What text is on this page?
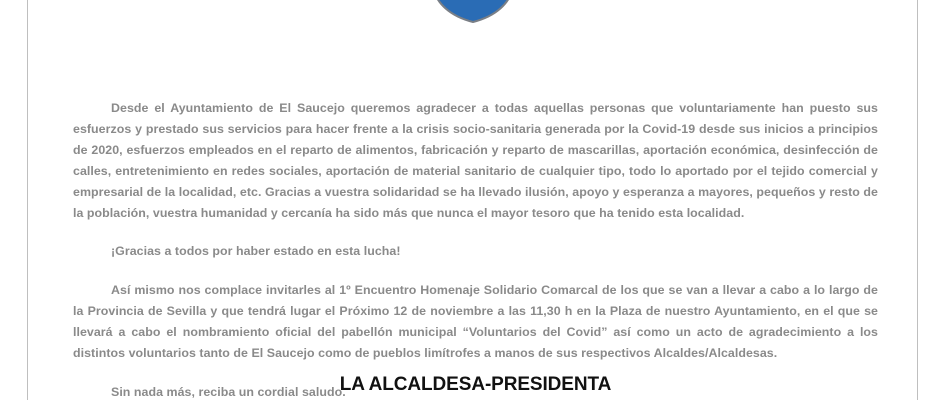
Desde el Ayuntamiento de El Saucejo queremos agradecer a todas aquellas personas que voluntariamente han puesto sus esfuerzos y prestado sus servicios para hacer frente a la crisis socio-sanitaria generada por la Covid-19 desde sus inicios a principios de 2020, esfuerzos empleados en el reparto de alimentos, fabricación y reparto de mascarillas, aportación económica, desinfección de calles, entretenimiento en redes sociales, aportación de material sanitario de cualquier tipo, todo lo aportado por el tejido comercial y empresarial de la localidad, etc. Gracias a vuestra solidaridad se ha llevado ilusión, apoyo y esperanza a mayores, pequeños y resto de la población, vuestra humanidad y cercanía ha sido más que nunca el mayor tesoro que ha tenido esta localidad.

¡Gracias a todos por haber estado en esta lucha!

Así mismo nos complace invitarles al 1º Encuentro Homenaje Solidario Comarcal de los que se van a llevar a cabo a lo largo de la Provincia de Sevilla y que tendrá lugar el Próximo 12 de noviembre a las 11,30 h en la Plaza de nuestro Ayuntamiento, en el que se llevará a cabo el nombramiento oficial del pabellón municipal “Voluntarios del Covid” así como un acto de agradecimiento a los distintos voluntarios tanto de El Saucejo como de pueblos limítrofes a manos de sus respectivos Alcaldes/Alcaldesas.

Sin nada más, reciba un cordial saludo.

LA ALCALDESA-PRESIDENTA
